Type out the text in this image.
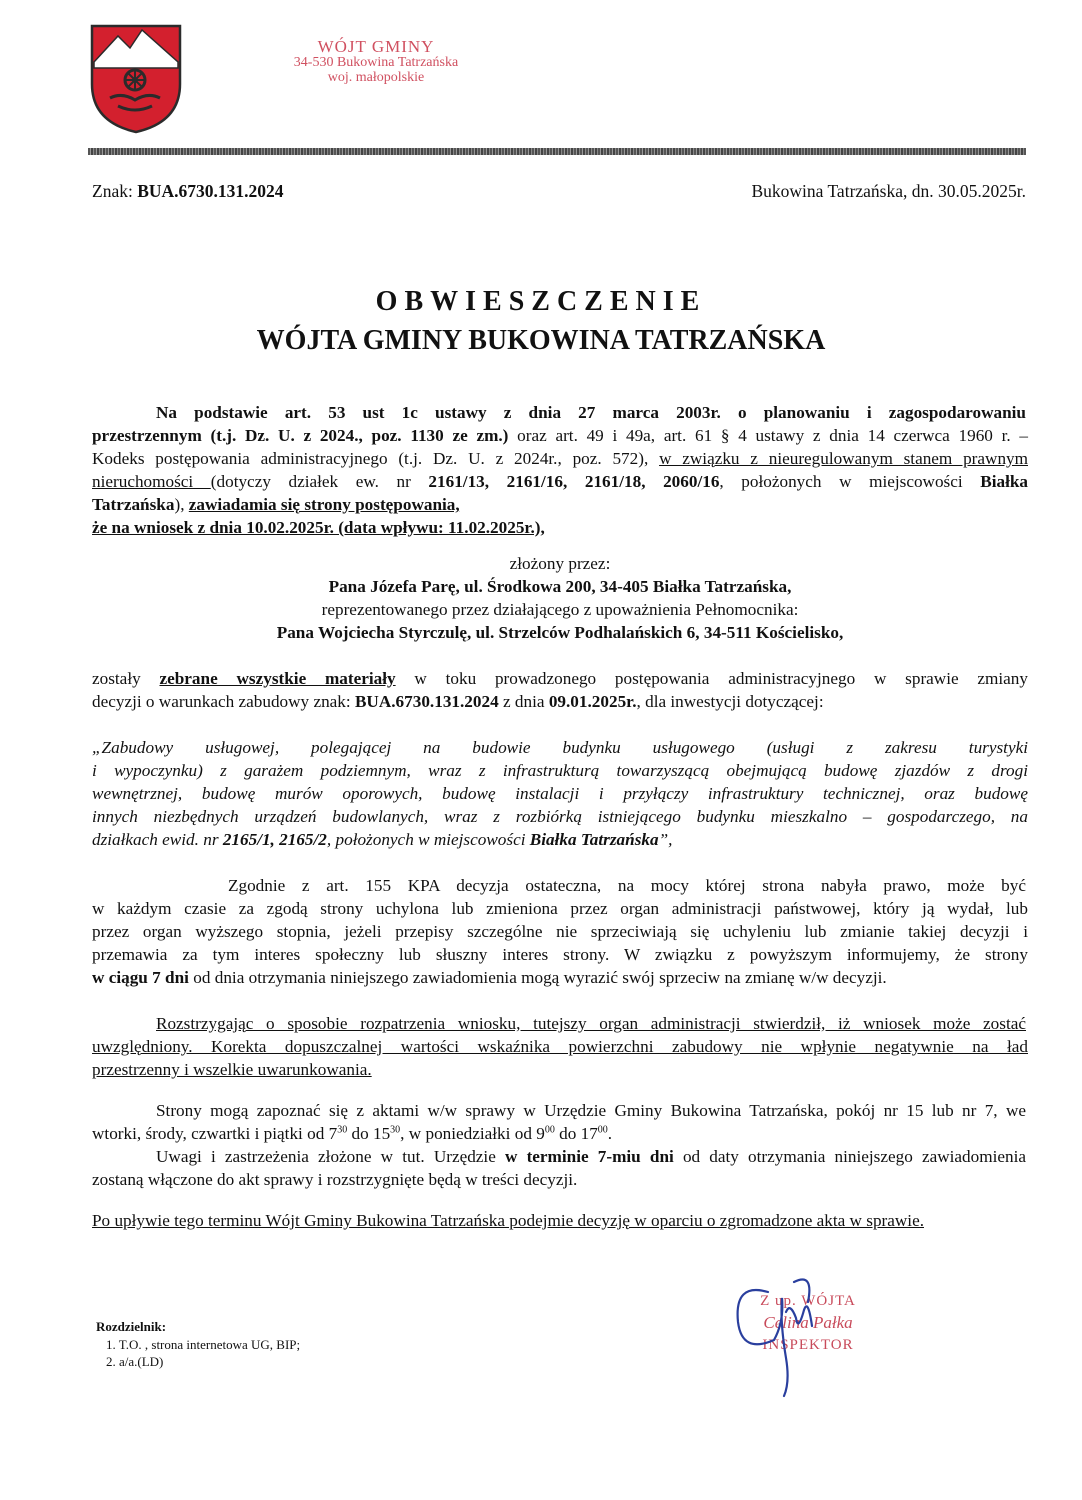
WÓJT GMINY
34-530 Bukowina Tatrzańska
woj. małopolskie
Znak: BUA.6730.131.2024	Bukowina Tatrzańska, dn. 30.05.2025r.
OBWIESZCZENIE
WÓJTA GMINY BUKOWINA TATRZAŃSKA
Na podstawie art. 53 ust 1c ustawy z dnia 27 marca 2003r. o planowaniu i zagospodarowaniu
przestrzennym (t.j. Dz. U. z 2024., poz. 1130 ze zm.) oraz art. 49 i 49a, art. 61 § 4 ustawy z dnia 14 czerwca 1960 r. –
Kodeks postępowania administracyjnego (t.j. Dz. U. z 2024r., poz. 572), w związku z nieuregulowanym stanem prawnym
nieruchomości (dotyczy działek ew. nr 2161/13, 2161/16, 2161/18, 2060/16, położonych w miejscowości Białka
Tatrzańska), zawiadamia się strony postępowania,
że na wniosek z dnia 10.02.2025r. (data wpływu: 11.02.2025r.),
złożony przez:
Pana Józefa Parę, ul. Środkowa 200, 34-405 Białka Tatrzańska,
reprezentowanego przez działającego z upoważnienia Pełnomocnika:
Pana Wojciecha Styrczulę, ul. Strzelców Podhalańskich 6, 34-511 Kościelisko,
zostały zebrane wszystkie materiały w toku prowadzonego postępowania administracyjnego w sprawie zmiany
decyzji o warunkach zabudowy znak: BUA.6730.131.2024 z dnia 09.01.2025r., dla inwestycji dotyczącej:
„Zabudowy usługowej, polegającej na budowie budynku usługowego (usługi z zakresu turystyki
i wypoczynku) z garażem podziemnym, wraz z infrastrukturą towarzyszącą obejmującą budowę zjazdów z drogi
wewnętrznej, budowę murów oporowych, budowę instalacji i przyłączy infrastruktury technicznej, oraz budowę
innych niezbędnych urządzeń budowlanych, wraz z rozbiórką istniejącego budynku mieszkalno – gospodarczego, na
działkach ewid. nr 2165/1, 2165/2, położonych w miejscowości Białka Tatrzańska”,
Zgodnie z art. 155 KPA decyzja ostateczna, na mocy której strona nabyła prawo, może być
w każdym czasie za zgodą strony uchylona lub zmieniona przez organ administracji państwowej, który ją wydał, lub
przez organ wyższego stopnia, jeżeli przepisy szczególne nie sprzeciwiają się uchyleniu lub zmianie takiej decyzji i
przemawia za tym interes społeczny lub słuszny interes strony. W związku z powyższym informujemy, że strony
w ciągu 7 dni od dnia otrzymania niniejszego zawiadomienia mogą wyrazić swój sprzeciw na zmianę w/w decyzji.
Rozstrzygając o sposobie rozpatrzenia wniosku, tutejszy organ administracji stwierdził, iż wniosek może zostać
uwzględniony. Korekta dopuszczalnej wartości wskaźnika powierzchni zabudowy nie wpłynie negatywnie na ład
przestrzenny i wszelkie uwarunkowania.
Strony mogą zapoznać się z aktami w/w sprawy w Urzędzie Gminy Bukowina Tatrzańska, pokój nr 15 lub nr 7, we
wtorki, środy, czwartki i piątki od $7^{30}$ do $15^{30}$, w poniedziałki od $9^{00}$ do $17^{00}$.
Uwagi i zastrzeżenia złożone w tut. Urzędzie w terminie 7-miu dni od daty otrzymania niniejszego zawiadomienia
zostaną włączone do akt sprawy i rozstrzygnięte będą w treści decyzji.
Po upływie tego terminu Wójt Gminy Bukowina Tatrzańska podejmie decyzję w oparciu o zgromadzone akta w sprawie.
Z up. WÓJTA
Celina Pałka
INSPEKTOR
Rozdzielnik:
1. T.O. , strona internetowa UG, BIP;
2. a/a.(LD)
